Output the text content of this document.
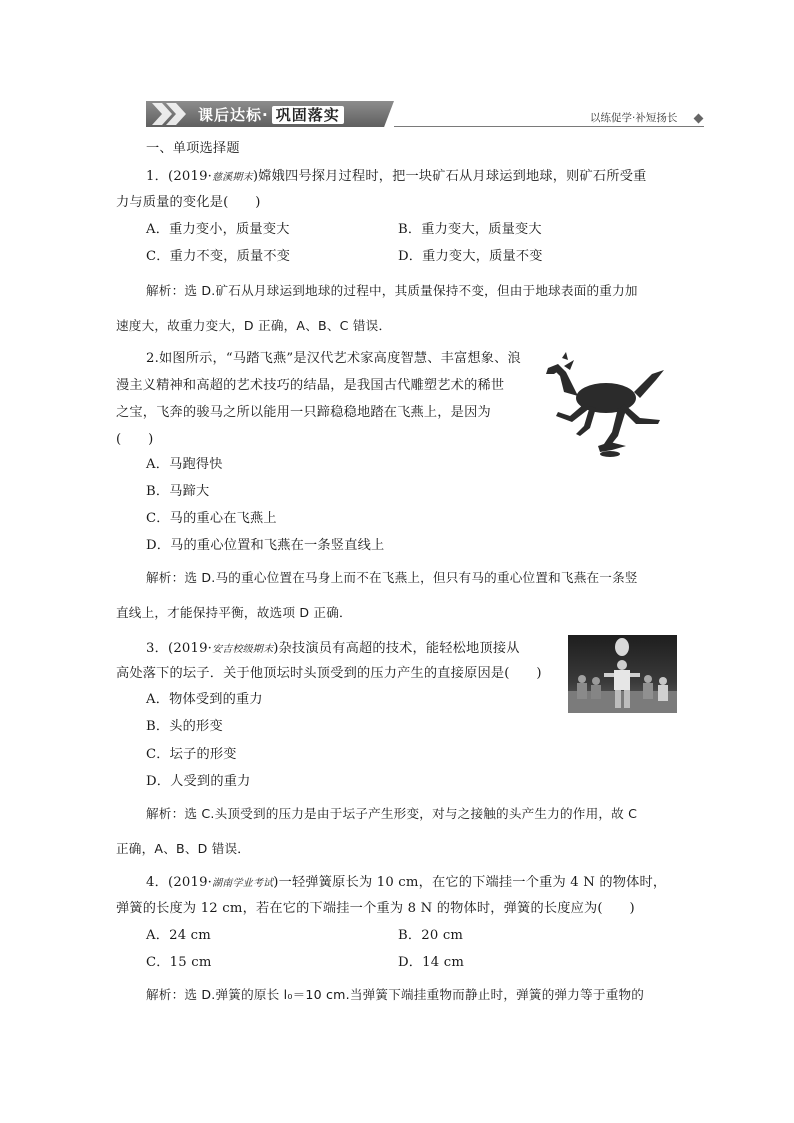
课后达标· 巩固落实	以练促学·补短扬长
一、单项选择题
1．(2019·慈溪期末)嫦娥四号探月过程时，把一块矿石从月球运到地球，则矿石所受重
力与质量的变化是(　　)
A．重力变小，质量变大	B．重力变大，质量变大
C．重力不变，质量不变	D．重力变大，质量不变
解析：选 D.矿石从月球运到地球的过程中，其质量保持不变，但由于地球表面的重力加
速度大，故重力变大，D 正确，A、B、C 错误．
2.如图所示，“马踏飞燕”是汉代艺术家高度智慧、丰富想象、浪
漫主义精神和高超的艺术技巧的结晶，是我国古代雕塑艺术的稀世
之宝，飞奔的骏马之所以能用一只蹄稳稳地踏在飞燕上，是因为
(　　)
A．马跑得快
B．马蹄大
C．马的重心在飞燕上
D．马的重心位置和飞燕在一条竖直线上
解析：选 D.马的重心位置在马身上而不在飞燕上，但只有马的重心位置和飞燕在一条竖
直线上，才能保持平衡，故选项 D 正确．
3．(2019·安吉校级期末)杂技演员有高超的技术，能轻松地顶接从
高处落下的坛子．关于他顶坛时头顶受到的压力产生的直接原因是(　　)
A．物体受到的重力
B．头的形变
C．坛子的形变
D．人受到的重力
解析：选 C.头顶受到的压力是由于坛子产生形变，对与之接触的头产生力的作用，故 C
正确，A、B、D 错误．
4．(2019·湖南学业考试)一轻弹簧原长为 10 cm，在它的下端挂一个重为 4 N 的物体时，
弹簧的长度为 12 cm，若在它的下端挂一个重为 8 N 的物体时，弹簧的长度应为(　　)
A．24 cm	B．20 cm
C．15 cm	D．14 cm
解析：选 D.弹簧的原长 l₀＝10 cm.当弹簧下端挂重物而静止时，弹簧的弹力等于重物的
